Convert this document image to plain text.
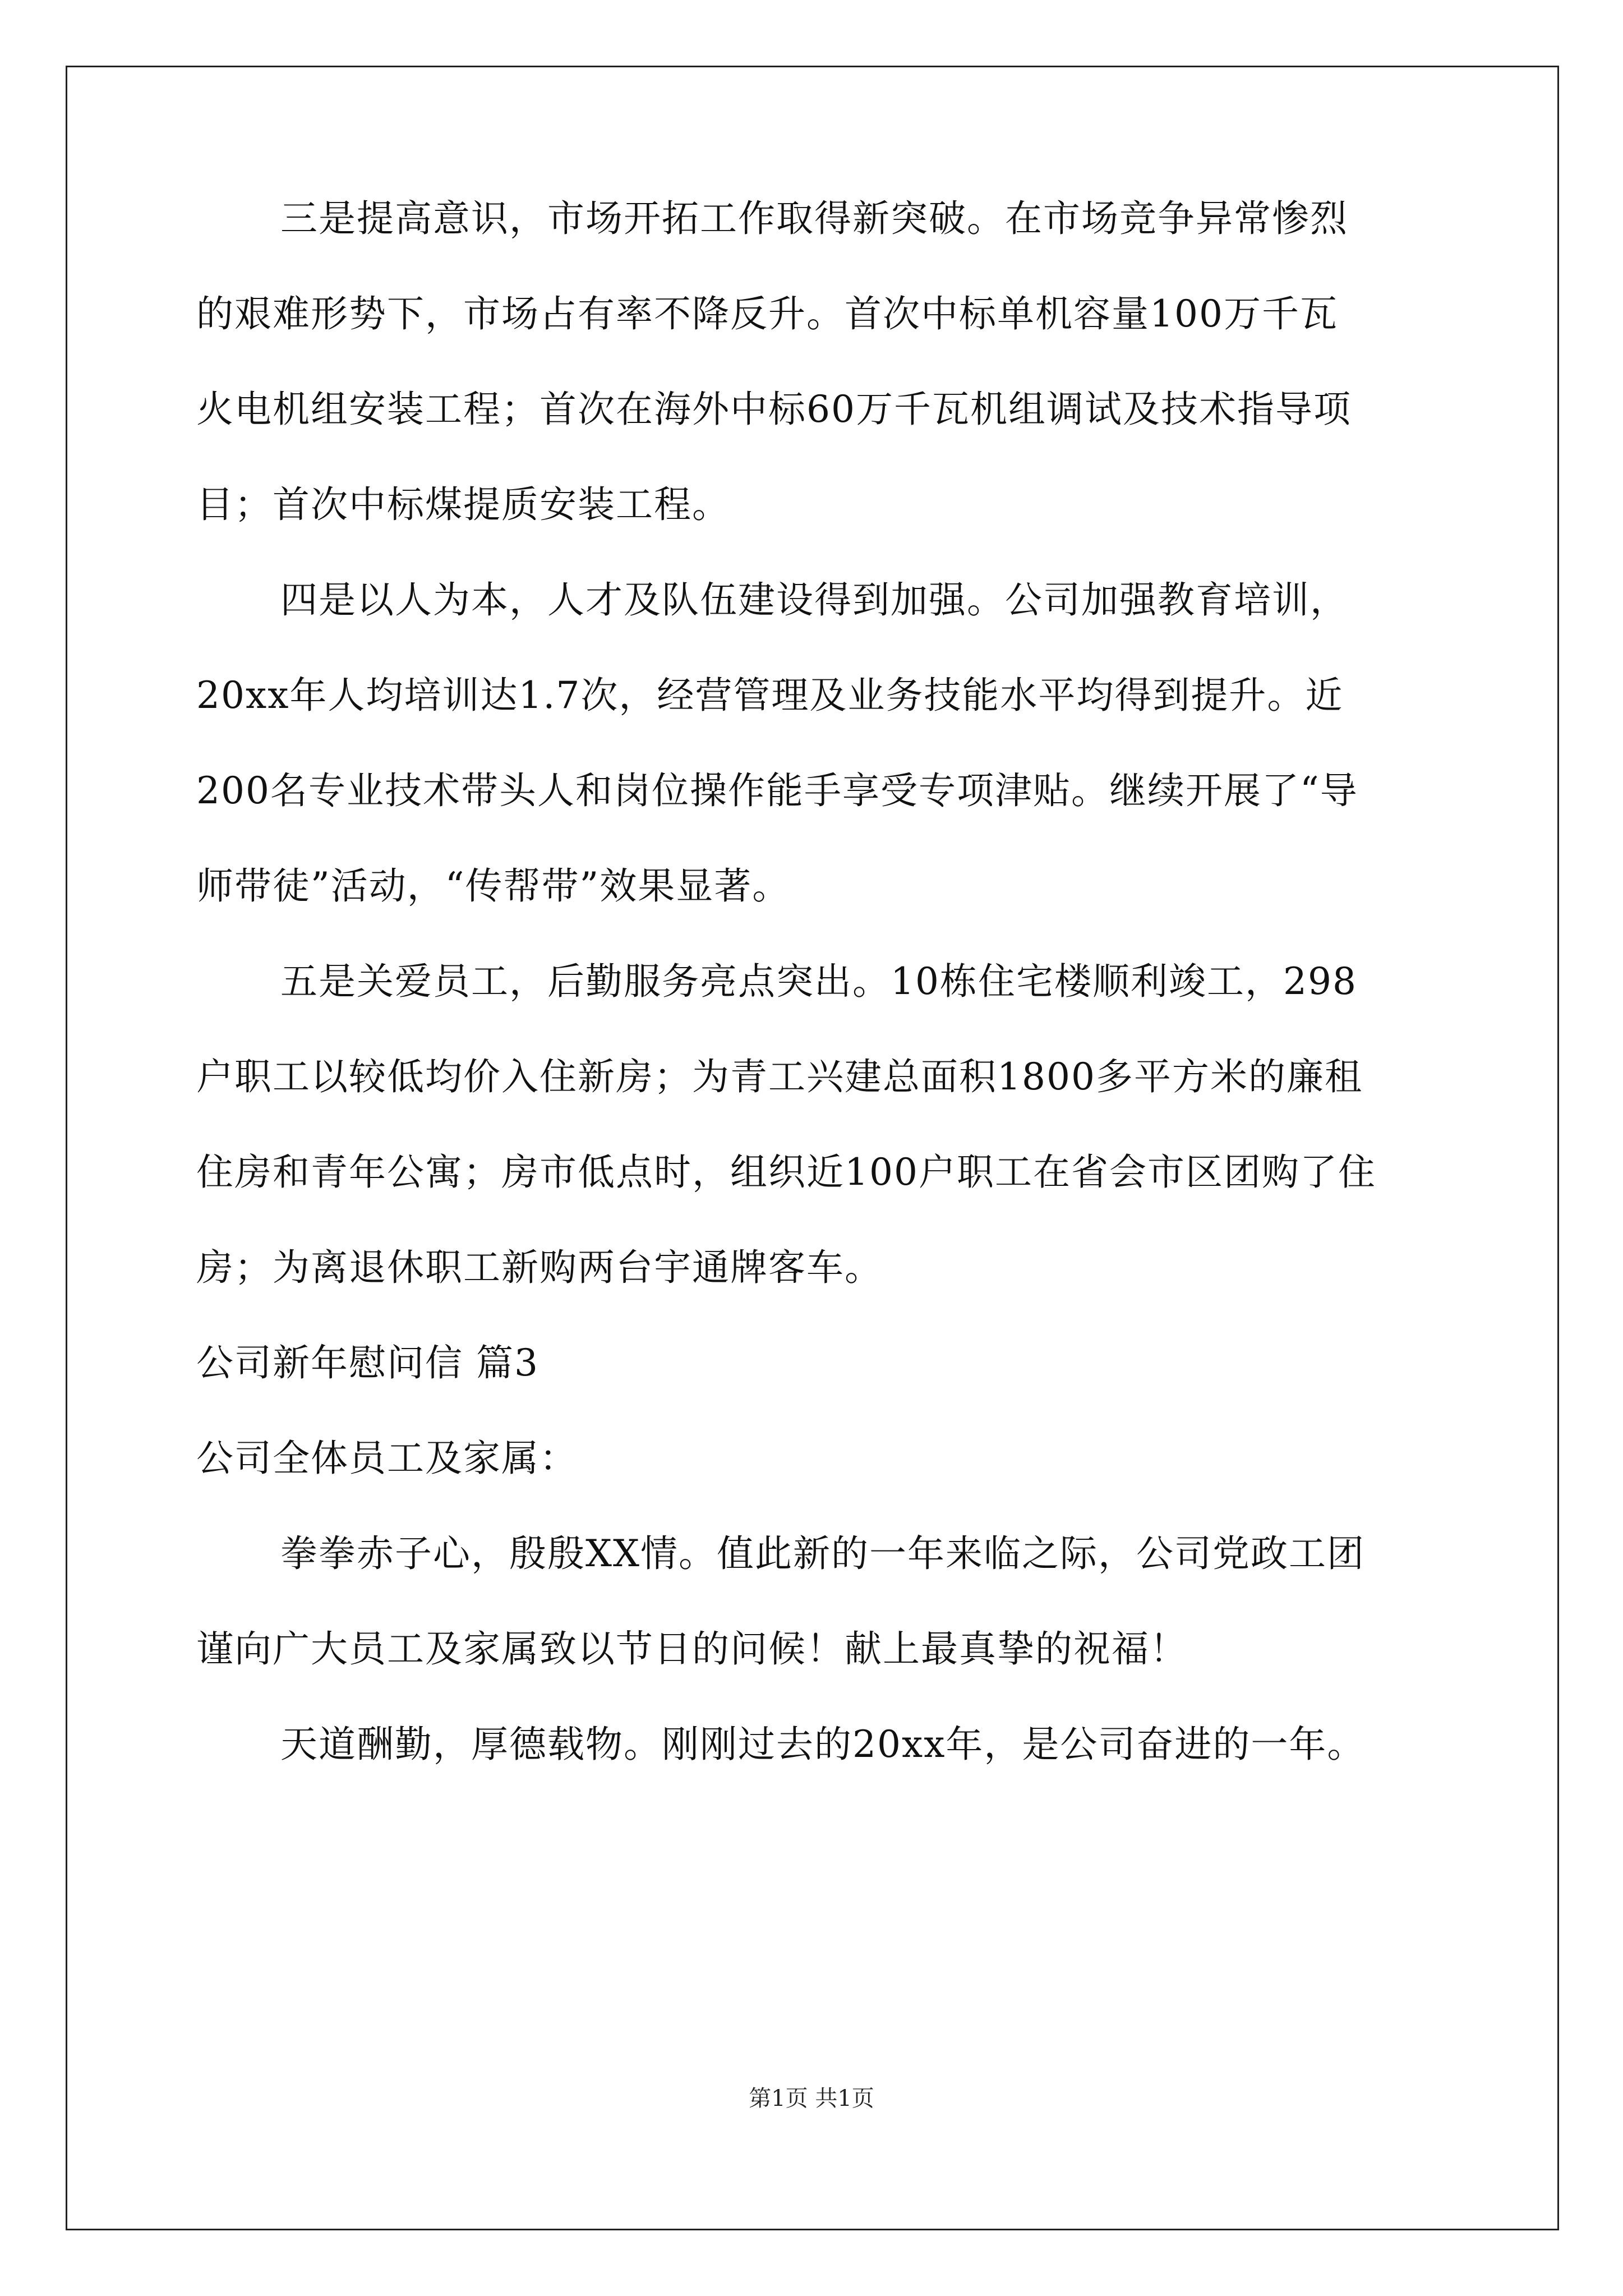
三是提高意识，市场开拓工作取得新突破。在市场竞争异常惨烈
的艰难形势下，市场占有率不降反升。首次中标单机容量100万千瓦
火电机组安装工程；首次在海外中标60万千瓦机组调试及技术指导项
目；首次中标煤提质安装工程。
四是以人为本，人才及队伍建设得到加强。公司加强教育培训，
20xx年人均培训达1.7次，经营管理及业务技能水平均得到提升。近
200名专业技术带头人和岗位操作能手享受专项津贴。继续开展了“导
师带徒”活动，“传帮带”效果显著。
五是关爱员工，后勤服务亮点突出。10栋住宅楼顺利竣工，298
户职工以较低均价入住新房；为青工兴建总面积1800多平方米的廉租
住房和青年公寓；房市低点时，组织近100户职工在省会市区团购了住
房；为离退休职工新购两台宇通牌客车。
公司新年慰问信 篇3
公司全体员工及家属：
拳拳赤子心，殷殷XX情。值此新的一年来临之际，公司党政工团
谨向广大员工及家属致以节日的问候！献上最真挚的祝福！
天道酬勤，厚德载物。刚刚过去的20xx年，是公司奋进的一年。
第1页 共1页
